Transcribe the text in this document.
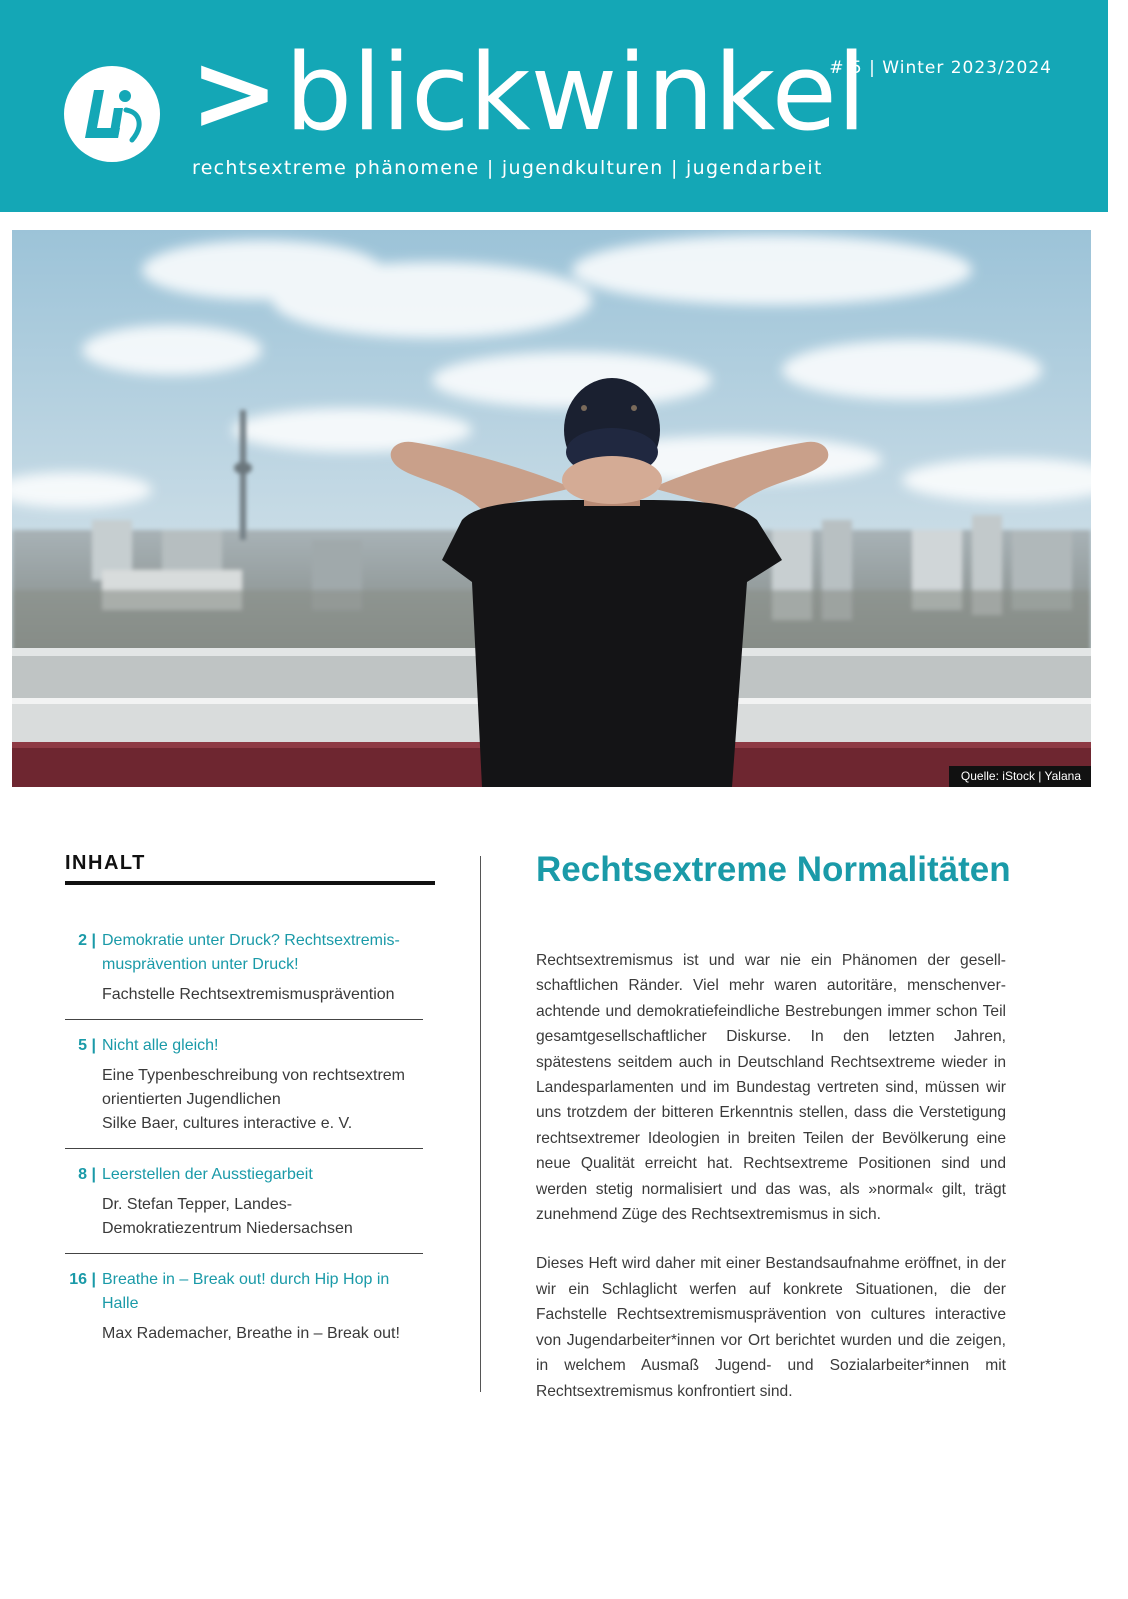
>blickwinkel
rechtsextreme phänomene | jugendkulturen | jugendarbeit
# 5 | Winter 2023/2024
Quelle: iStock | Yalana
INHALT
2 | Demokratie unter Druck? Rechtsextremis-
musprävention unter Druck!
Fachstelle Rechtsextremismusprävention
5 | Nicht alle gleich!
Eine Typenbeschreibung von rechtsextrem orientierten Jugendlichen
Silke Baer, cultures interactive e. V.
8 | Leerstellen der Ausstiegarbeit
Dr. Stefan Tepper, Landes-Demokratiezentrum Niedersachsen
16 | Breathe in – Break out! durch Hip Hop in Halle
Max Rademacher, Breathe in – Break out!
Rechtsextreme Normalitäten

Rechtsextremismus ist und war nie ein Phänomen der gesellschaftlichen Ränder. Viel mehr waren autoritäre, menschenverachtende und demokratiefeindliche Bestrebungen immer schon Teil gesamtgesellschaftlicher Diskurse. In den letzten Jahren, spätestens seitdem auch in Deutschland Rechtsextreme wieder in Landesparlamenten und im Bundestag vertreten sind, müssen wir uns trotzdem der bitteren Erkenntnis stellen, dass die Verstetigung rechtsextremer Ideologien in breiten Teilen der Bevölkerung eine neue Qualität erreicht hat. Rechtsextreme Positionen sind und werden stetig normalisiert und das was, als »normal« gilt, trägt zunehmend Züge des Rechtsextremismus in sich.

Dieses Heft wird daher mit einer Bestandsaufnahme eröffnet, in der wir ein Schlaglicht werfen auf konkrete Situationen, die der Fachstelle Rechtsextremismusprävention von cultures interactive von Jugendarbeiter*innen vor Ort berichtet wurden und die zeigen, in welchem Ausmaß Jugend- und Sozialarbeiter*innen mit Rechtsextremismus konfrontiert sind.
